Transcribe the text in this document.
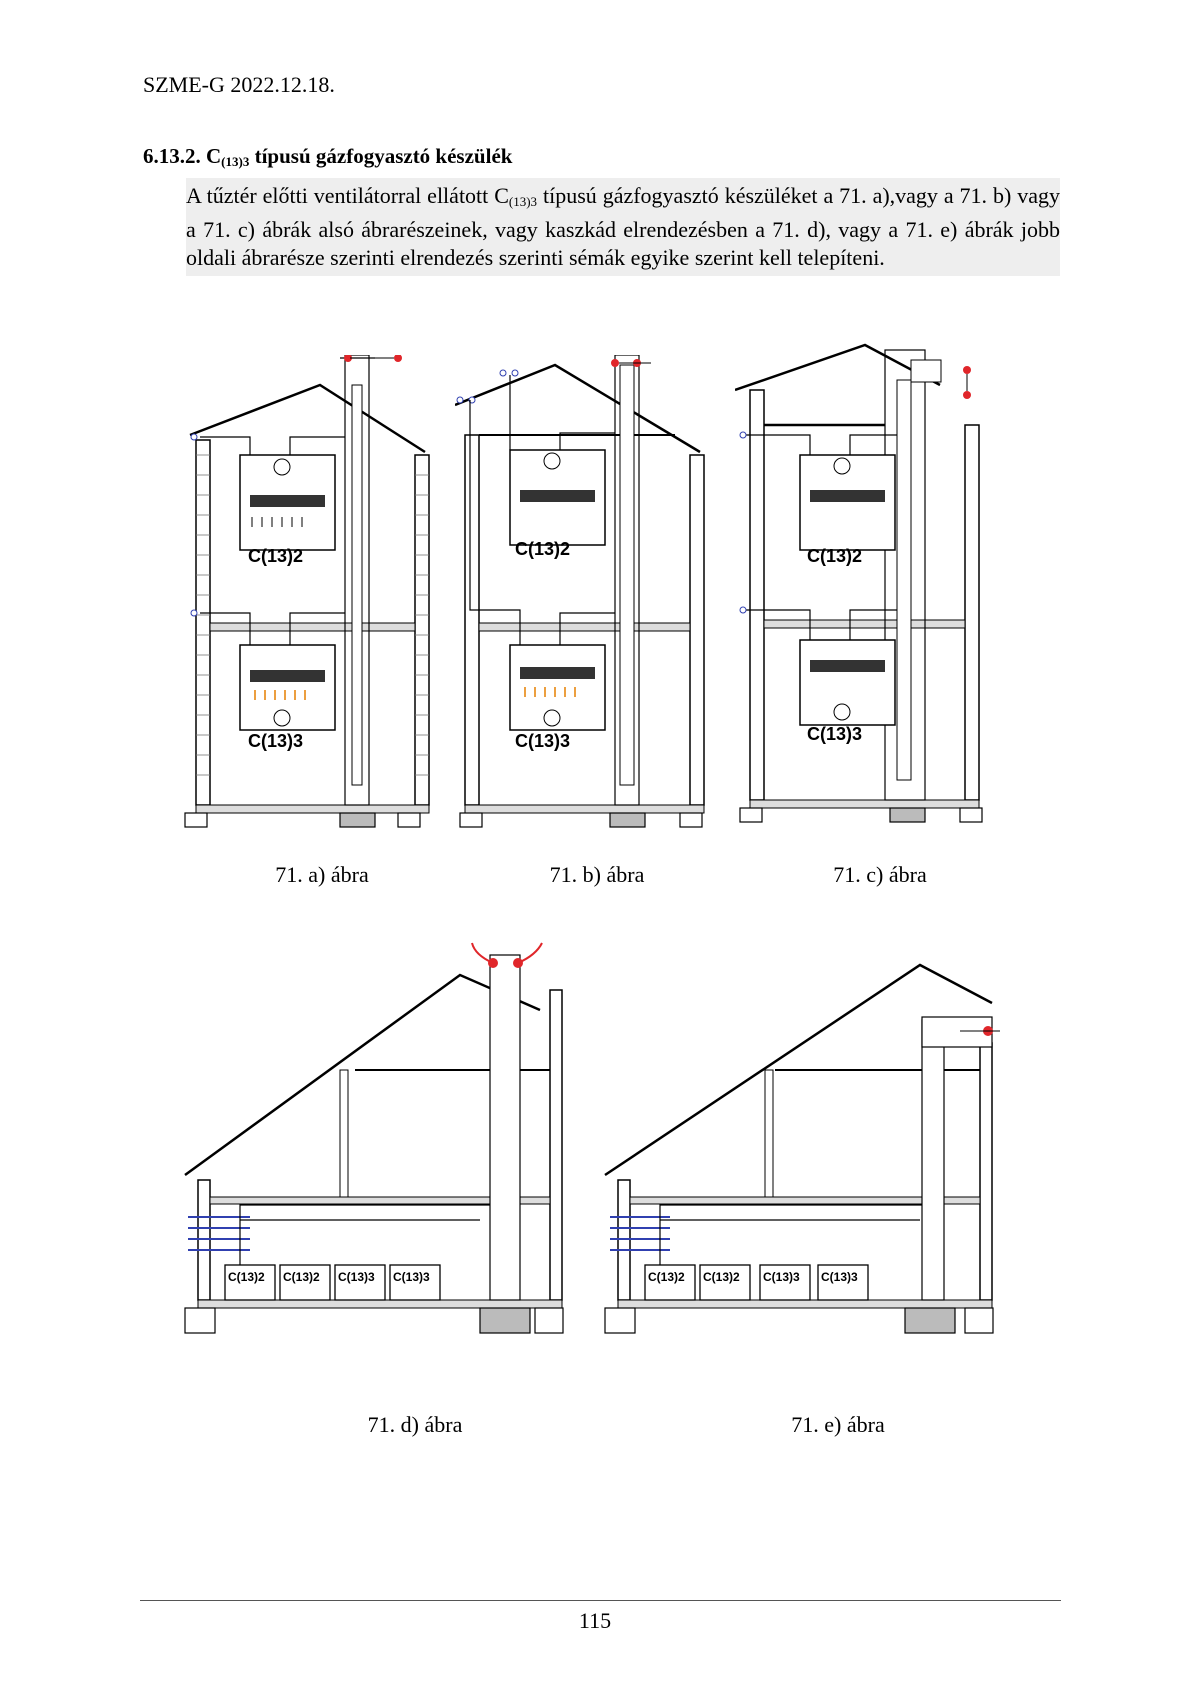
SZME-G 2022.12.18.
6.13.2. $C_{(13)3}$ típusú gázfogyasztó készülék
A tűztér előtti ventilátorral ellátott $C_{(13)3}$ típusú gázfogyasztó készüléket a 71. a),vagy a 71. b) vagy a 71. c) ábrák alsó ábrarészeinek, vagy kaszkád elrendezésben a 71. d), vagy a 71. e) ábrák jobb oldali ábrarésze szerinti elrendezés szerinti sémák egyike szerint kell telepíteni.
C(13)2
C(13)3
71. a) ábra
C(13)2
C(13)3
71. b) ábra
C(13)2
C(13)3
71. c) ábra
C(13)2 C(13)2 C(13)3 C(13)3
71. d) ábra
C(13)2 C(13)2 C(13)3 C(13)3
71. e) ábra
115
